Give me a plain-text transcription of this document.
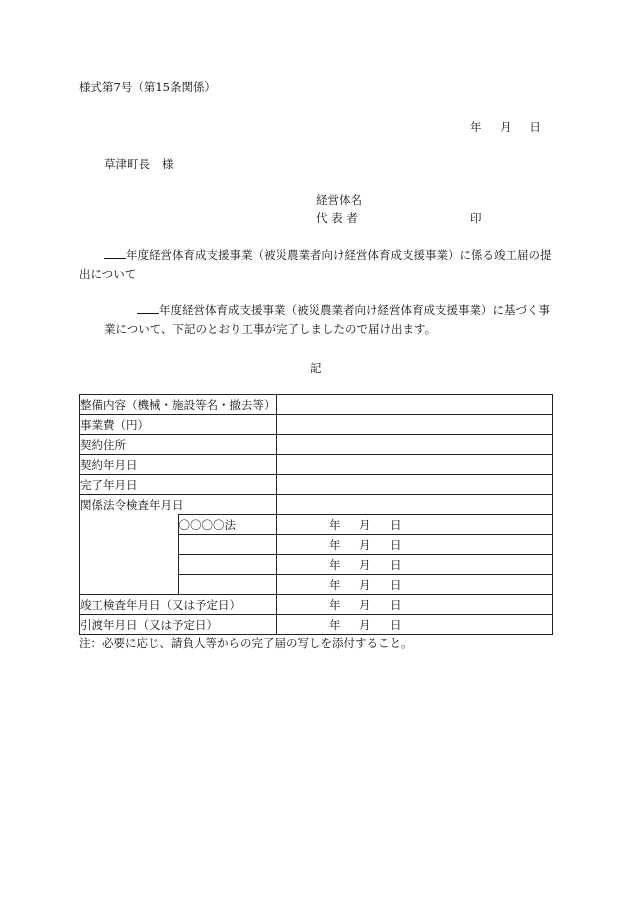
様式第7号（第15条関係）
年 月 日
草津町長 様
経営体名
代 表 者	印
年度経営体育成支援事業（被災農業者向け経営体育成支援事業）に係る竣工届の提
出について
年度経営体育成支援事業（被災農業者向け経営体育成支援事業）に基づく事
業について、下記のとおり工事が完了しましたので届け出ます。
記
整備内容（機械・施設等名・撤去等）		
事業費（円）		
契約住所		
契約年月日		
完了年月日		
関係法令検査年月日		
	〇〇〇〇法	年 月 日

		年 月 日

		年 月 日

		年 月 日

竣工検査年月日（又は予定日）		年 月 日

引渡年月日（又は予定日）		年 月 日
注：必要に応じ、請負人等からの完了届の写しを添付すること。
